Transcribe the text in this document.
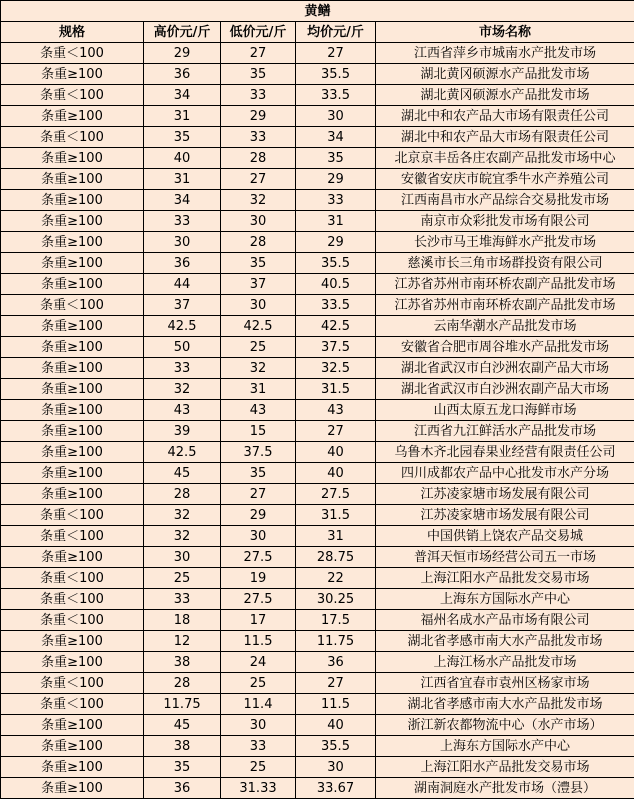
黄鳝				
规格	高价元/斤	低价元/斤	均价元/斤	市场名称
条重＜100	29	27	27	江西省萍乡市城南水产批发市场
条重≥100	36	35	35.5	湖北黄冈硕源水产品批发市场
条重＜100	34	33	33.5	湖北黄冈硕源水产品批发市场
条重≥100	31	29	30	湖北中和农产品大市场有限责任公司
条重＜100	35	33	34	湖北中和农产品大市场有限责任公司
条重≥100	40	28	35	北京京丰岳各庄农副产品批发市场中心
条重≥100	31	27	29	安徽省安庆市皖宜季牛水产养殖公司
条重≥100	34	32	33	江西南昌市水产品综合交易批发市场
条重≥100	33	30	31	南京市众彩批发市场有限公司
条重≥100	30	28	29	长沙市马王堆海鲜水产批发市场
条重≥100	36	35	35.5	慈溪市长三角市场群投资有限公司
条重≥100	44	37	40.5	江苏省苏州市南环桥农副产品批发市场
条重＜100	37	30	33.5	江苏省苏州市南环桥农副产品批发市场
条重≥100	42.5	42.5	42.5	云南华潮水产品批发市场
条重≥100	50	25	37.5	安徽省合肥市周谷堆水产品批发市场
条重≥100	33	32	32.5	湖北省武汉市白沙洲农副产品大市场
条重≥100	32	31	31.5	湖北省武汉市白沙洲农副产品大市场
条重≥100	43	43	43	山西太原五龙口海鲜市场
条重≥100	39	15	27	江西省九江鲜活水产品批发市场
条重≥100	42.5	37.5	40	乌鲁木齐北园春果业经营有限责任公司
条重≥100	45	35	40	四川成都农产品中心批发市水产分场
条重≥100	28	27	27.5	江苏凌家塘市场发展有限公司
条重＜100	32	29	31.5	江苏凌家塘市场发展有限公司
条重＜100	32	30	31	中国供销上饶农产品交易城
条重≥100	30	27.5	28.75	普洱天恒市场经营公司五一市场
条重＜100	25	19	22	上海江阳水产品批发交易市场
条重＜100	33	27.5	30.25	上海东方国际水产中心
条重＜100	18	17	17.5	福州名成水产品市场有限公司
条重≥100	12	11.5	11.75	湖北省孝感市南大水产品批发市场
条重≥100	38	24	36	上海江杨水产品批发市场
条重＜100	28	25	27	江西省宜春市袁州区杨家市场
条重＜100	11.75	11.4	11.5	湖北省孝感市南大水产品批发市场
条重≥100	45	30	40	浙江新农都物流中心（水产市场）
条重≥100	38	33	35.5	上海东方国际水产中心
条重≥100	35	25	30	上海江阳水产品批发交易市场
条重≥100	36	31.33	33.67	湖南洞庭水产批发市场（澧县）
